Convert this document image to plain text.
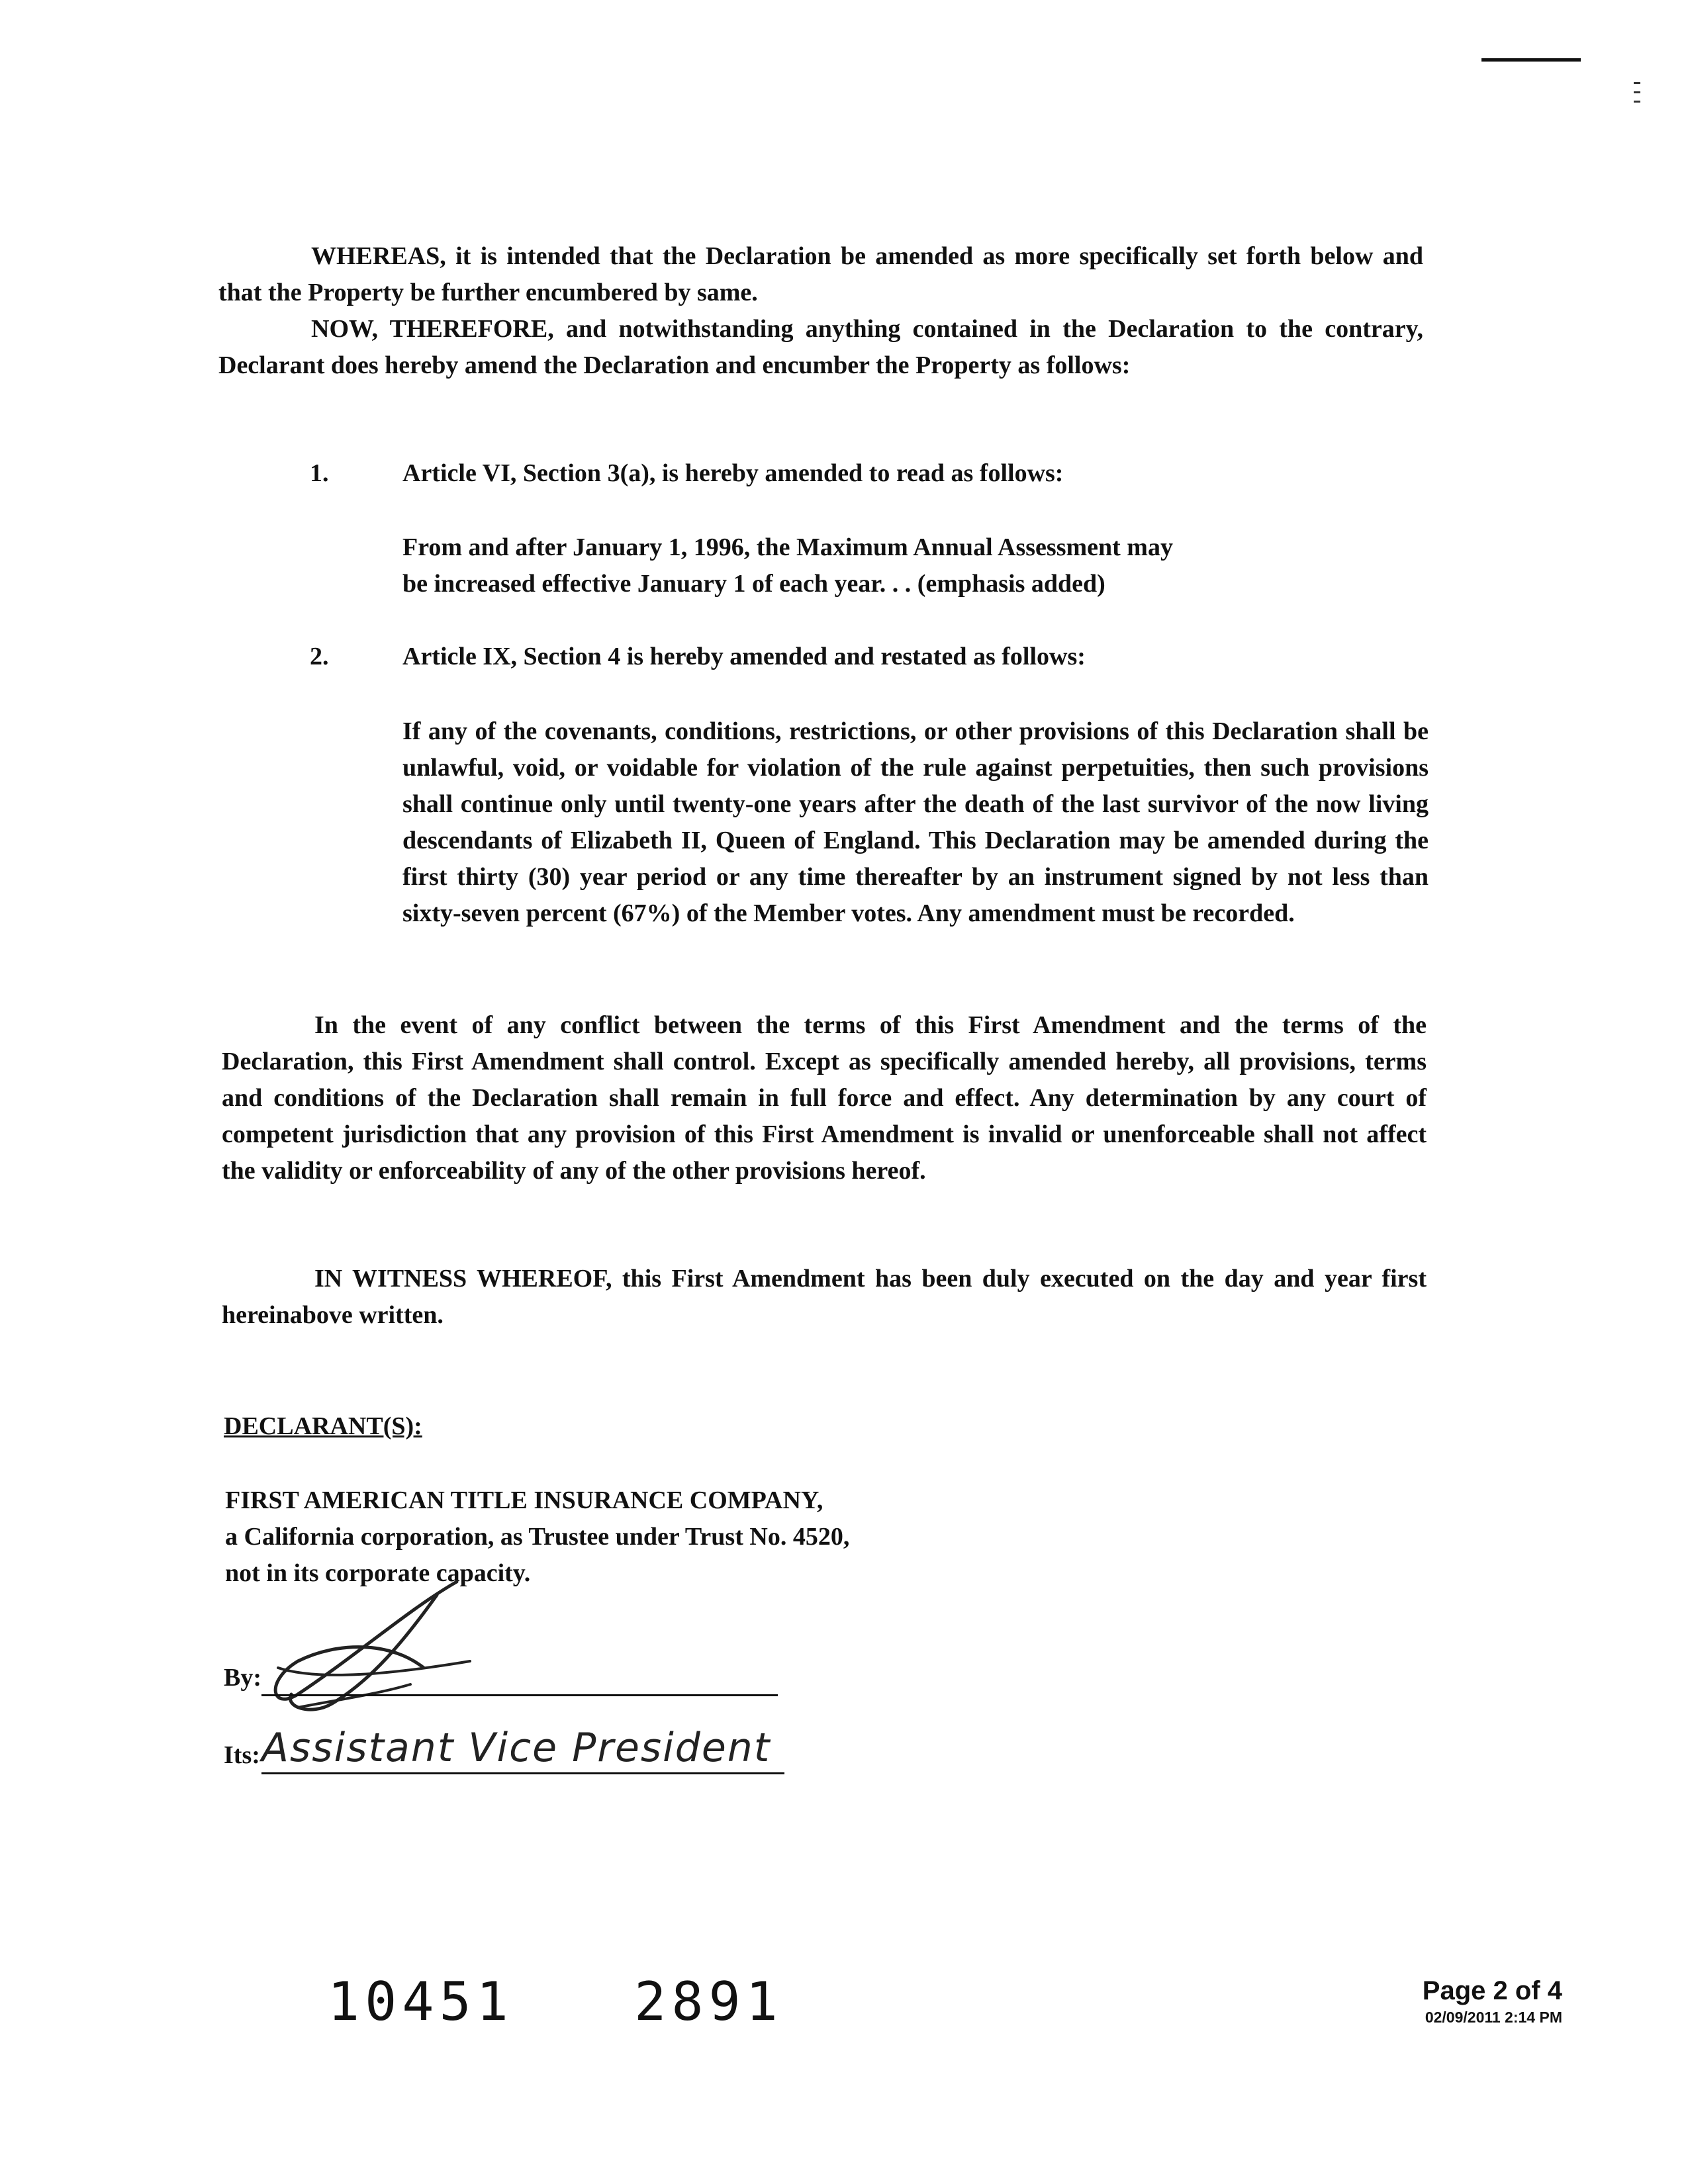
WHEREAS, it is intended that the Declaration be amended as more specifically set forth below and that the Property be further encumbered by same.

NOW, THEREFORE, and notwithstanding anything contained in the Declaration to the contrary, Declarant does hereby amend the Declaration and encumber the Property as follows:

1.	Article VI, Section 3(a), is hereby amended to read as follows:
From and after January 1, 1996, the Maximum Annual Assessment may
be increased effective January 1 of each year. . . (emphasis added)
2.	Article IX, Section 4 is hereby amended and restated as follows:

If any of the covenants, conditions, restrictions, or other provisions of this Declaration shall be unlawful, void, or voidable for violation of the rule against perpetuities, then such provisions shall continue only until twenty-one years after the death of the last survivor of the now living descendants of Elizabeth II, Queen of England. This Declaration may be amended during the first thirty (30) year period or any time thereafter by an instrument signed by not less than sixty-seven percent (67%) of the Member votes. Any amendment must be recorded.

In the event of any conflict between the terms of this First Amendment and the terms of the Declaration, this First Amendment shall control. Except as specifically amended hereby, all provisions, terms and conditions of the Declaration shall remain in full force and effect. Any determination by any court of competent jurisdiction that any provision of this First Amendment is invalid or unenforceable shall not affect the validity or enforceability of any of the other provisions hereof.

IN WITNESS WHEREOF, this First Amendment has been duly executed on the day and year first hereinabove written.

DECLARANT(S):
FIRST AMERICAN TITLE INSURANCE COMPANY,
a California corporation, as Trustee under Trust No. 4520,
not in its corporate capacity.
By:
Its: Assistant Vice President
10451 2891	Page 2 of 4
02/09/2011 2:14 PM
